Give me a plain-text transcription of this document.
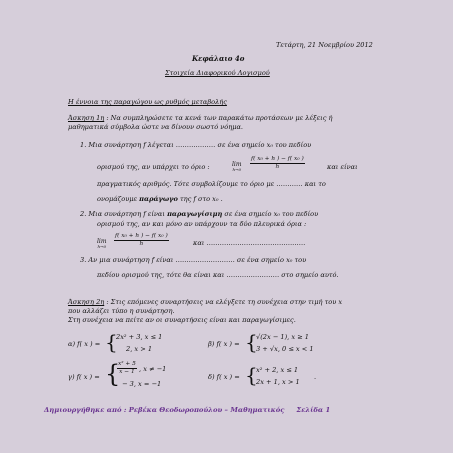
Τετάρτη, 21 Νοεμβρίου 2012
Κεφάλαιο 4ο
Στοιχεία Διαφορικού Λογισμού
Η έννοια της παραγώγου ως ρυθμός μεταβολής
Άσκηση 1η : Να συμπληρώσετε τα κενά των παρακάτω προτάσεων με λέξεις ή
μαθηματικά σύμβολα ώστε να δίνουν σωστό νόημα.
1. Μια συνάρτηση f λέγεται ……………… σε ένα σημείο x₀ του πεδίου
ορισμού της, αν υπάρχει το όριο :	lim
$h\to 0 \frac{\text{f( x₀ + h ) − f( x₀ )}}{h}$	και είναι
πραγματικός αριθμός. Τότε συμβολίζουμε το όριο με ………… και το
ονομάζουμε παράγωγο της f στο x₀ .
2. Μια συνάρτηση f είναι παραγωγίσιμη σε ένα σημείο x₀ του πεδίου
ορισμού της, αν και μόνο αν υπάρχουν τα δύο πλευρικά όρια :
lim
$h\to 0 \frac{\text{f( x₀ + h ) − f( x₀ )}}{h}$	και ………………………………………
3. Αν μια συνάρτηση f είναι ……………………… σε ένα σημείο x₀ του
πεδίου ορισμού της, τότε θα είναι και …………………… στο σημείο αυτό.
Άσκηση 2η : Στις επόμενες συναρτήσεις να ελέγξετε τη συνέχεια στην τιμή του x
που αλλάζει τύπο η συνάρτηση.
Στη συνέχεια να πείτε αν οι συναρτήσεις είναι και παραγωγίσιμες.
α) f( x ) = {
2x² + 3, x ≤ 1
2, x > 1
β) f( x ) = {
√(2x − 1), x ≥ 1
3 + √x, 0 ≤ x < 1
γ) f( x ) = {
$\frac{\text{x² + 5}}{x - 1}$ , x ≠ −1
− 3, x = −1
δ) f( x ) = {
x² + 2, x ≤ 1
2x + 1, x > 1
.
Δημιουργήθηκε από : Ρεβέκα Θεοδωροπούλου – Μαθηματικός Σελίδα 1
